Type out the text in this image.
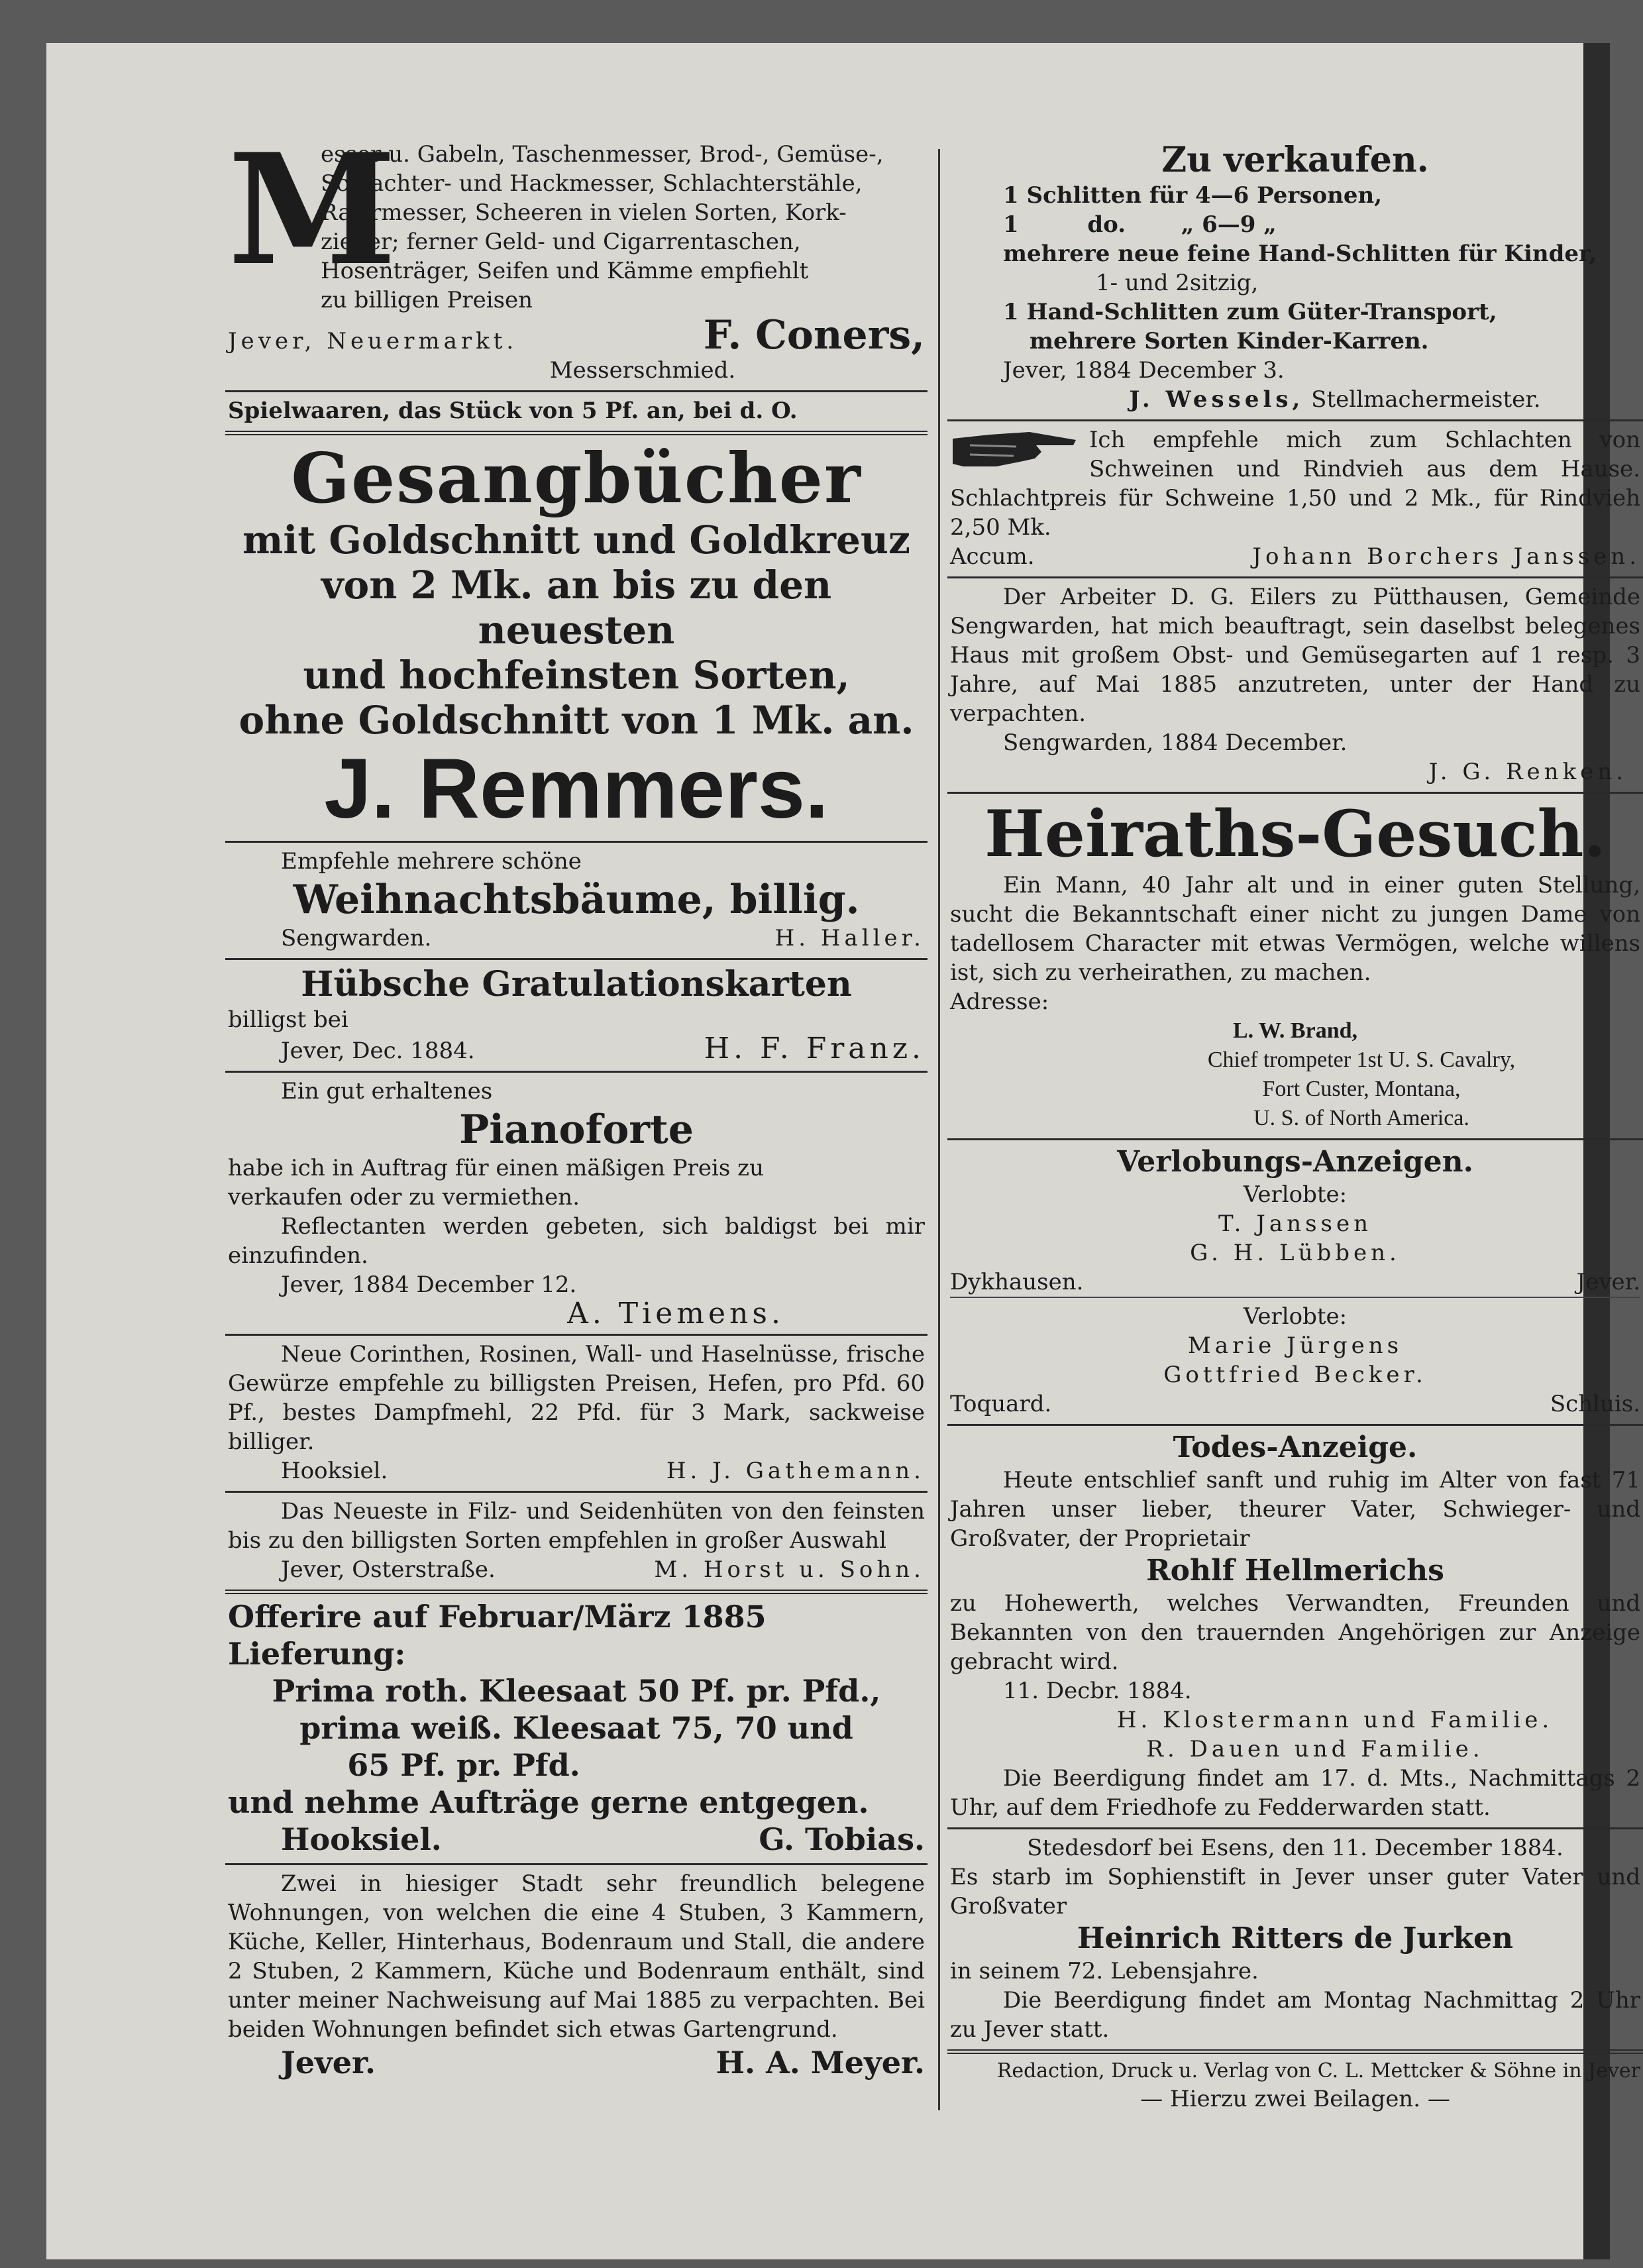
M
esser u. Gabeln, Taschenmesser, Brod-, Gemüse-,
Schlachter- und Hackmesser, Schlachterstähle,
Rasirmesser, Scheeren in vielen Sorten, Kork-
zieher; ferner Geld- und Cigarrentaschen,
Hosenträger, Seifen und Kämme empfiehlt
zu billigen Preisen
Jever, Neuermarkt.	F. Coners,
Messerschmied.
Spielwaaren, das Stück von 5 Pf. an, bei d. O.
Gesangbücher
mit Goldschnitt und Goldkreuz
von 2 Mk. an bis zu den neuesten
und hochfeinsten Sorten,
ohne Goldschnitt von 1 Mk. an.
J. Remmers.
Empfehle mehrere schöne
Weihnachtsbäume, billig.
Sengwarden.	H. Haller.
Hübsche Gratulationskarten
billigst bei
Jever, Dec. 1884.	H. F. Franz.
Ein gut erhaltenes
Pianoforte
habe ich in Auftrag für einen mäßigen Preis zu
verkaufen oder zu vermiethen.
Reflectanten werden gebeten, sich baldigst bei mir einzufinden.
Jever, 1884 December 12.
A. Tiemens.
Neue Corinthen, Rosinen, Wall- und Haselnüsse, frische Gewürze empfehle zu billigsten Preisen, Hefen, pro Pfd. 60 Pf., bestes Dampfmehl, 22 Pfd. für 3 Mark, sackweise billiger.
Hooksiel.	H. J. Gathemann.
Das Neueste in Filz- und Seidenhüten von den feinsten bis zu den billigsten Sorten empfehlen in großer Auswahl
Jever, Osterstraße.	M. Horst u. Sohn.
Offerire auf Februar/März 1885
Lieferung:
Prima roth. Kleesaat 50 Pf. pr. Pfd.,
prima weiß. Kleesaat 75, 70 und
65 Pf. pr. Pfd.
und nehme Aufträge gerne entgegen.
Hooksiel.	G. Tobias.
Zwei in hiesiger Stadt sehr freundlich belegene Wohnungen, von welchen die eine 4 Stuben, 3 Kammern, Küche, Keller, Hinterhaus, Bodenraum und Stall, die andere 2 Stuben, 2 Kammern, Küche und Bodenraum enthält, sind unter meiner Nachweisung auf Mai 1885 zu verpachten. Bei beiden Wohnungen befindet sich etwas Gartengrund.
Jever.	H. A. Meyer.
Zu verkaufen.
1 Schlitten für 4—6 Personen,
1	do. „ 6—9 „
mehrere neue feine Hand-Schlitten für Kinder,
1- und 2sitzig,
1 Hand-Schlitten zum Güter-Transport,
mehrere Sorten Kinder-Karren.
Jever, 1884 December 3.
J. Wessels, Stellmachermeister.
Ich empfehle mich zum Schlachten von Schweinen und Rindvieh aus dem Hause. Schlachtpreis für Schweine 1,50 und 2 Mk., für Rindvieh 2,50 Mk.
Accum.	Johann Borchers Janssen.
Der Arbeiter D. G. Eilers zu Pütthausen, Gemeinde Sengwarden, hat mich beauftragt, sein daselbst belegenes Haus mit großem Obst- und Gemüsegarten auf 1 resp. 3 Jahre, auf Mai 1885 anzutreten, unter der Hand zu verpachten.
Sengwarden, 1884 December.
J. G. Renken.
Heiraths-Gesuch.
Ein Mann, 40 Jahr alt und in einer guten Stellung, sucht die Bekanntschaft einer nicht zu jungen Dame von tadellosem Character mit etwas Vermögen, welche willens ist, sich zu verheirathen, zu machen.
Adresse:
L. W. Brand,
Chief trompeter 1st U. S. Cavalry,
Fort Custer, Montana,
U. S. of North America.
Verlobungs-Anzeigen.
Verlobte:
T. Janssen
G. H. Lübben.
Dykhausen.	Jever.
Verlobte:
Marie Jürgens
Gottfried Becker.
Toquard.	Schluis.
Todes-Anzeige.
Heute entschlief sanft und ruhig im Alter von fast 71 Jahren unser lieber, theurer Vater, Schwieger- und Großvater, der Proprietair
Rohlf Hellmerichs
zu Hohewerth, welches Verwandten, Freunden und Bekannten von den trauernden Angehörigen zur Anzeige gebracht wird.
11. Decbr. 1884.
H. Klostermann und Familie.
R. Dauen und Familie.
Die Beerdigung findet am 17. d. Mts., Nachmittags 2 Uhr, auf dem Friedhofe zu Fedderwarden statt.
Stedesdorf bei Esens, den 11. December 1884.
Es starb im Sophienstift in Jever unser guter Vater und Großvater
Heinrich Ritters de Jurken
in seinem 72. Lebensjahre.
Die Beerdigung findet am Montag Nachmittag 2 Uhr zu Jever statt.
Redaction, Druck u. Verlag von C. L. Mettcker & Söhne in Jever
— Hierzu zwei Beilagen. —
